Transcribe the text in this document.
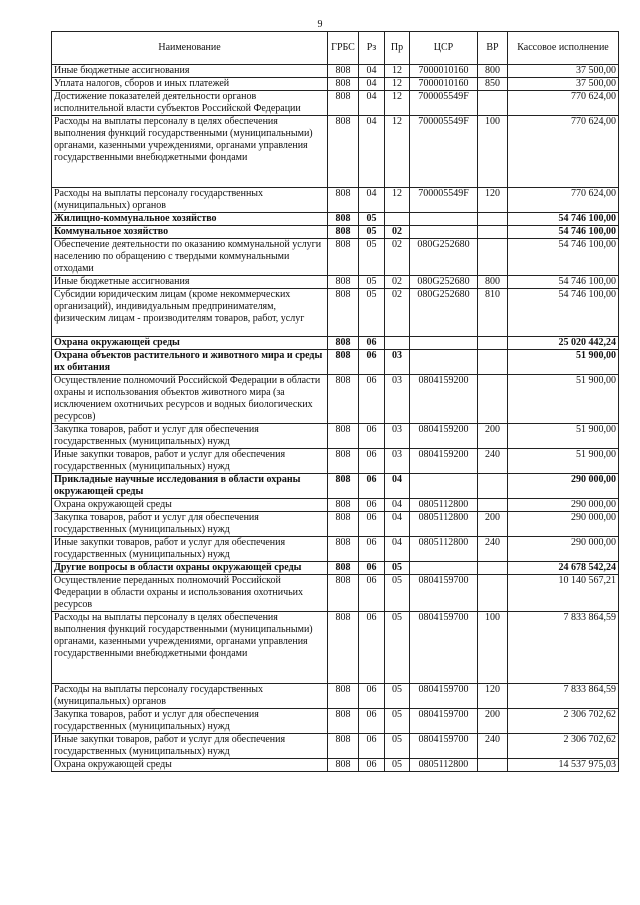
9
Наименование	ГРБС	Рз	Пр	ЦСР	ВР	Кассовое исполнение
Иные бюджетные ассигнования	808	04	12	7000010160	800	37 500,00
Уплата налогов, сборов и иных платежей	808	04	12	7000010160	850	37 500,00
Достижение показателей деятельности органов исполнительной власти субъектов Российской Федерации	808	04	12	700005549F		770 624,00
Расходы на выплаты персоналу в целях обеспечения выполнения функций государственными (муниципальными) органами, казенными учреждениями, органами управления государственными внебюджетными фондами	808	04	12	700005549F	100	770 624,00
Расходы на выплаты персоналу государственных (муниципальных) органов	808	04	12	700005549F	120	770 624,00
Жилищно-коммунальное хозяйство	808	05				54 746 100,00
Коммунальное хозяйство	808	05	02			54 746 100,00
Обеспечение деятельности по оказанию коммунальной услуги населению по обращению с твердыми коммунальными отходами	808	05	02	080G252680		54 746 100,00
Иные бюджетные ассигнования	808	05	02	080G252680	800	54 746 100,00
Субсидии юридическим лицам (кроме некоммерческих организаций), индивидуальным предпринимателям, физическим лицам - производителям товаров, работ, услуг	808	05	02	080G252680	810	54 746 100,00
Охрана окружающей среды	808	06				25 020 442,24
Охрана объектов растительного и животного мира и среды их обитания	808	06	03			51 900,00
Осуществление полномочий Российской Федерации в области охраны и использования объектов животного мира (за исключением охотничьих ресурсов и водных биологических ресурсов)	808	06	03	0804159200		51 900,00
Закупка товаров, работ и услуг для обеспечения государственных (муниципальных) нужд	808	06	03	0804159200	200	51 900,00
Иные закупки товаров, работ и услуг для обеспечения государственных (муниципальных) нужд	808	06	03	0804159200	240	51 900,00
Прикладные научные исследования в области охраны окружающей среды	808	06	04			290 000,00
Охрана окружающей среды	808	06	04	0805112800		290 000,00
Закупка товаров, работ и услуг для обеспечения государственных (муниципальных) нужд	808	06	04	0805112800	200	290 000,00
Иные закупки товаров, работ и услуг для обеспечения государственных (муниципальных) нужд	808	06	04	0805112800	240	290 000,00
Другие вопросы в области охраны окружающей среды	808	06	05			24 678 542,24
Осуществление переданных полномочий Российской Федерации в области охраны и использования охотничьих ресурсов	808	06	05	0804159700		10 140 567,21
Расходы на выплаты персоналу в целях обеспечения выполнения функций государственными (муниципальными) органами, казенными учреждениями, органами управления государственными внебюджетными фондами	808	06	05	0804159700	100	7 833 864,59
Расходы на выплаты персоналу государственных (муниципальных) органов	808	06	05	0804159700	120	7 833 864,59
Закупка товаров, работ и услуг для обеспечения государственных (муниципальных) нужд	808	06	05	0804159700	200	2 306 702,62
Иные закупки товаров, работ и услуг для обеспечения государственных (муниципальных) нужд	808	06	05	0804159700	240	2 306 702,62
Охрана окружающей среды	808	06	05	0805112800		14 537 975,03
